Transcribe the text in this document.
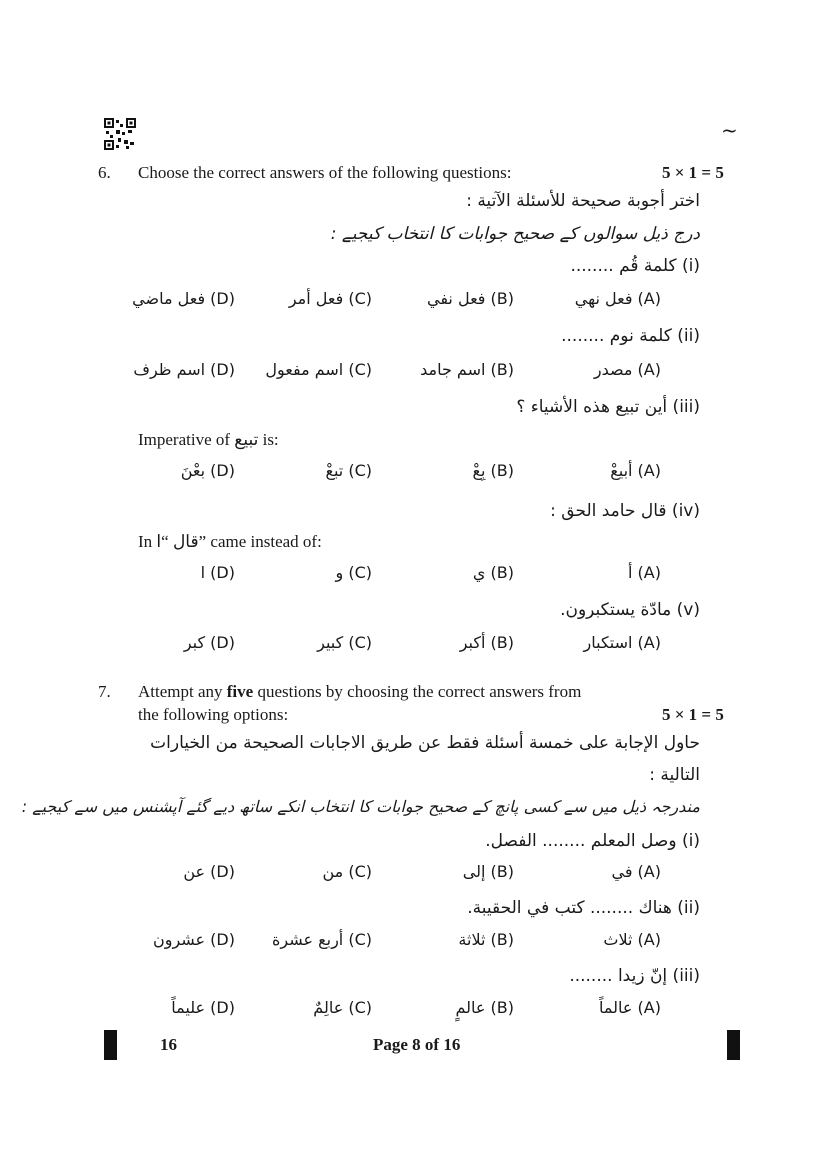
~
6. Choose the correct answers of the following questions:	5 × 1 = 5
اختر أجوبة صحيحة للأسئلة الآتية :
درج ذیل سوالوں کے صحیح جوابات کا انتخاب کیجیے :
(i) كلمة قُم ........
(A) فعل نهي
(B) فعل نفي
(C) فعل أمر
(D) فعل ماضي
(ii) كلمة نوم ........
(A) مصدر
(B) اسم جامد
(C) اسم مفعول
(D) اسم ظرف
(iii) أين تبيع هذه الأشياء ؟
Imperative of تبيع is:
(A) أبيعْ
(B) بِعْ
(C) تبعْ
(D) بعْنَ
(iv) قال حامد الحق :
In قال “ا” came instead of:
(A) أ
(B) ي
(C) و
(D) ا
(v) مادّة يستكبرون.
(A) استكبار
(B) أكبر
(C) كبير
(D) كبر
7. Attempt any five questions by choosing the correct answers from
the following options:	5 × 1 = 5
حاول الإجابة على خمسة أسئلة فقط عن طريق الاجابات الصحيحة من الخيارات
التالية :
مندرجہ ذیل میں سے کسی پانچ کے صحیح جوابات کا انتخاب انکے ساتھ دیے گئے آپشنس میں سے کیجیے :
(i) وصل المعلم ........ الفصل.
(A) في
(B) إلى
(C) من
(D) عن
(ii) هناك ........ كتب في الحقيبة.
(A) ثلاث
(B) ثلاثة
(C) أربع عشرة
(D) عشرون
(iii) إنّ زيدا ........
(A) عالماً
(B) عالمٍ
(C) عالِمٌ
(D) عليماً
16	Page 8 of 16
